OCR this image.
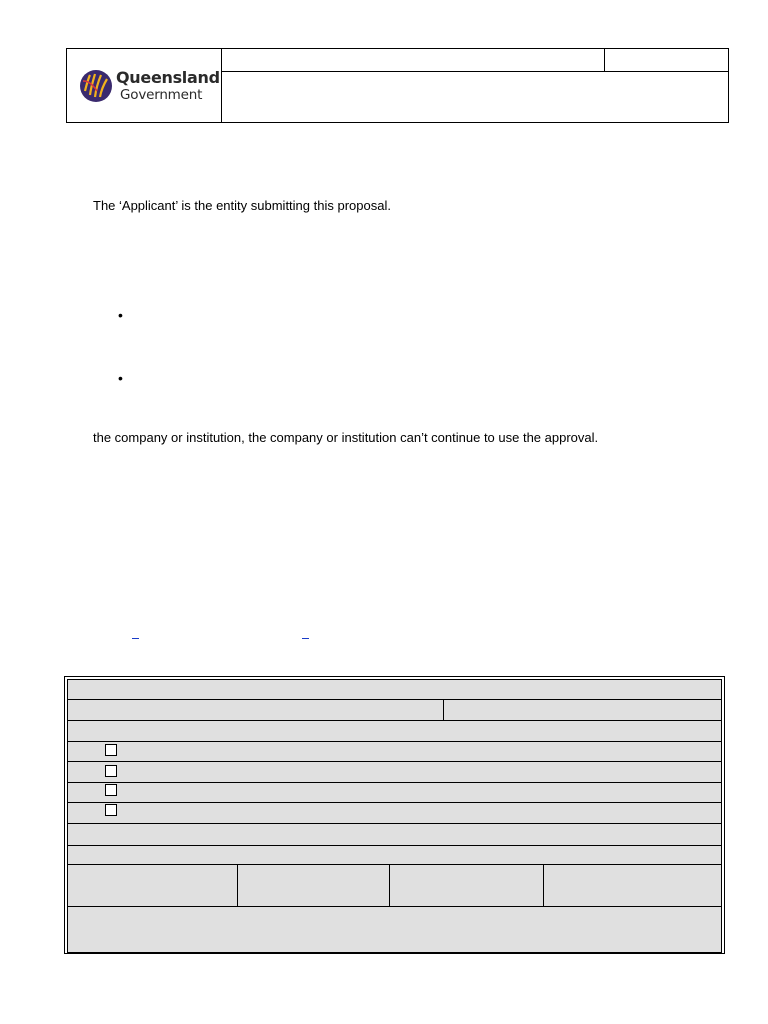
Queensland
Government
The ‘Applicant’ is the entity submitting this proposal.
•
•
the company or institution, the company or institution can’t continue to use the approval.
